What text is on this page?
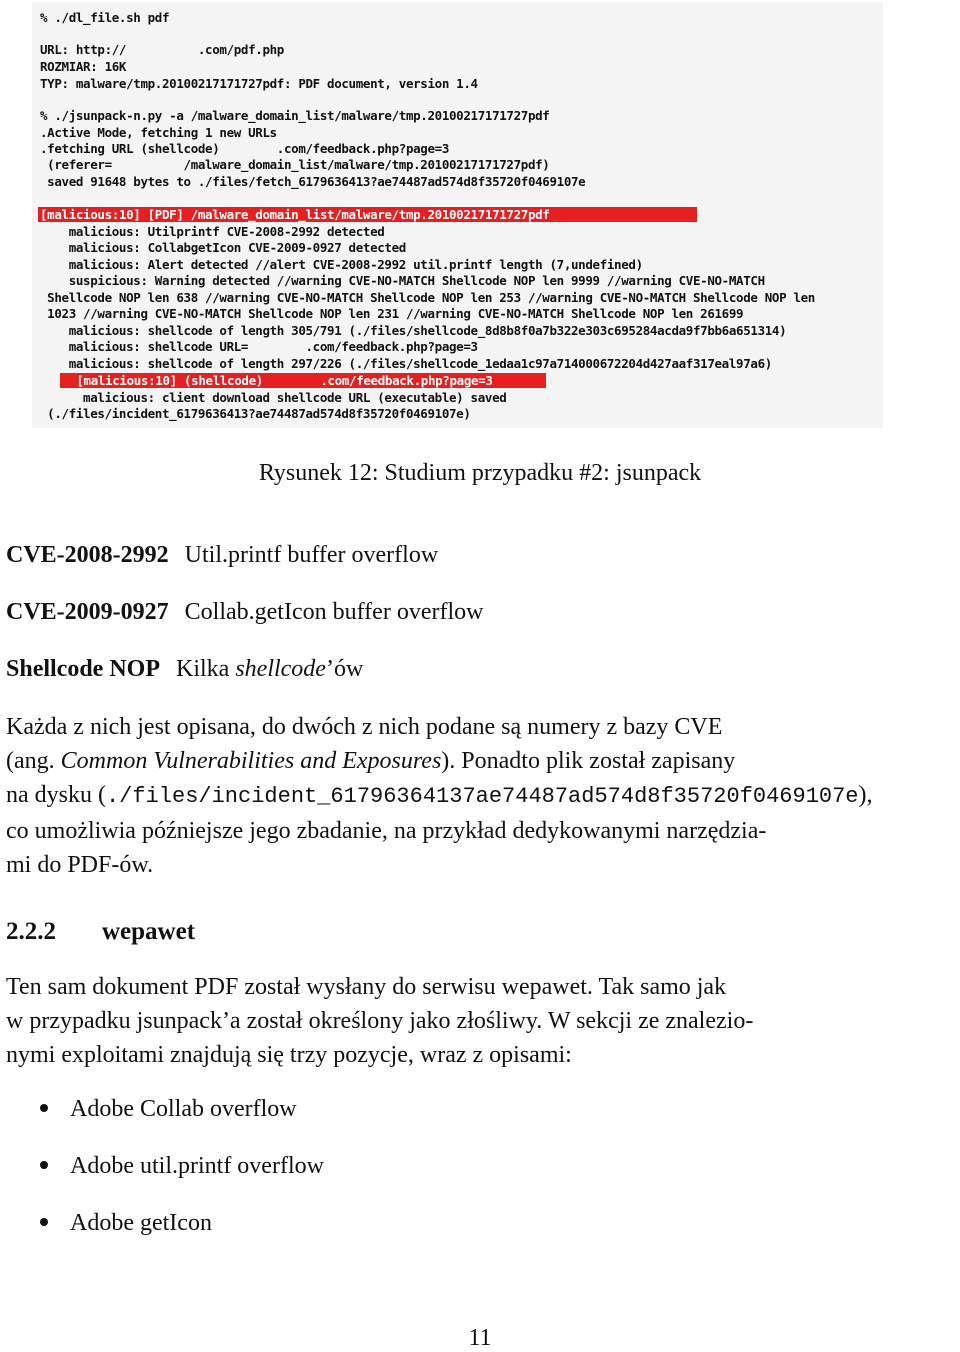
% ./dl_file.sh pdf
URL: http://          .com/pdf.php
ROZMIAR: 16K
TYP: malware/tmp.20100217171727pdf: PDF document, version 1.4
% ./jsunpack-n.py -a /malware_domain_list/malware/tmp.20100217171727pdf
.Active Mode, fetching 1 new URLs
.fetching URL (shellcode)        .com/feedback.php?page=3
(referer=          /malware_domain_list/malware/tmp.20100217171727pdf)
saved 91648 bytes to ./files/fetch_6179636413?ae74487ad574d8f35720f0469107e
[malicious:10] [PDF] /malware_domain_list/malware/tmp.20100217171727pdf
malicious: Utilprintf CVE-2008-2992 detected
malicious: CollabgetIcon CVE-2009-0927 detected
malicious: Alert detected //alert CVE-2008-2992 util.printf length (7,undefined)
suspicious: Warning detected //warning CVE-NO-MATCH Shellcode NOP len 9999 //warning CVE-NO-MATCH
Shellcode NOP len 638 //warning CVE-NO-MATCH Shellcode NOP len 253 //warning CVE-NO-MATCH Shellcode NOP len
1023 //warning CVE-NO-MATCH Shellcode NOP len 231 //warning CVE-NO-MATCH Shellcode NOP len 261699
malicious: shellcode of length 305/791 (./files/shellcode_8d8b8f0a7b322e303c695284acda9f7bb6a651314)
malicious: shellcode URL=        .com/feedback.php?page=3
malicious: shellcode of length 297/226 (./files/shellcode_1edaa1c97a714000672204d427aaf317eal97a6)
[malicious:10] (shellcode)        .com/feedback.php?page=3
malicious: client download shellcode URL (executable) saved
(./files/incident_6179636413?ae74487ad574d8f35720f0469107e)
Rysunek 12: Studium przypadku #2: jsunpack
CVE-2008-2992 Util.printf buffer overflow
CVE-2009-0927 Collab.getIcon buffer overflow
Shellcode NOP Kilka shellcode’ów
Każda z nich jest opisana, do dwóch z nich podane są numery z bazy CVE
(ang. Common Vulnerabilities and Exposures). Ponadto plik został zapisany
na dysku (./files/incident_61796364137ae74487ad574d8f35720f0469107e),
co umożliwia późniejsze jego zbadanie, na przykład dedykowanymi narzędzia-
mi do PDF-ów.
2.2.2 wepawet
Ten sam dokument PDF został wysłany do serwisu wepawet. Tak samo jak
w przypadku jsunpack’a został określony jako złośliwy. W sekcji ze znalezio-
nymi exploitami znajdują się trzy pozycje, wraz z opisami:
Adobe Collab overflow
Adobe util.printf overflow
Adobe getIcon
11
